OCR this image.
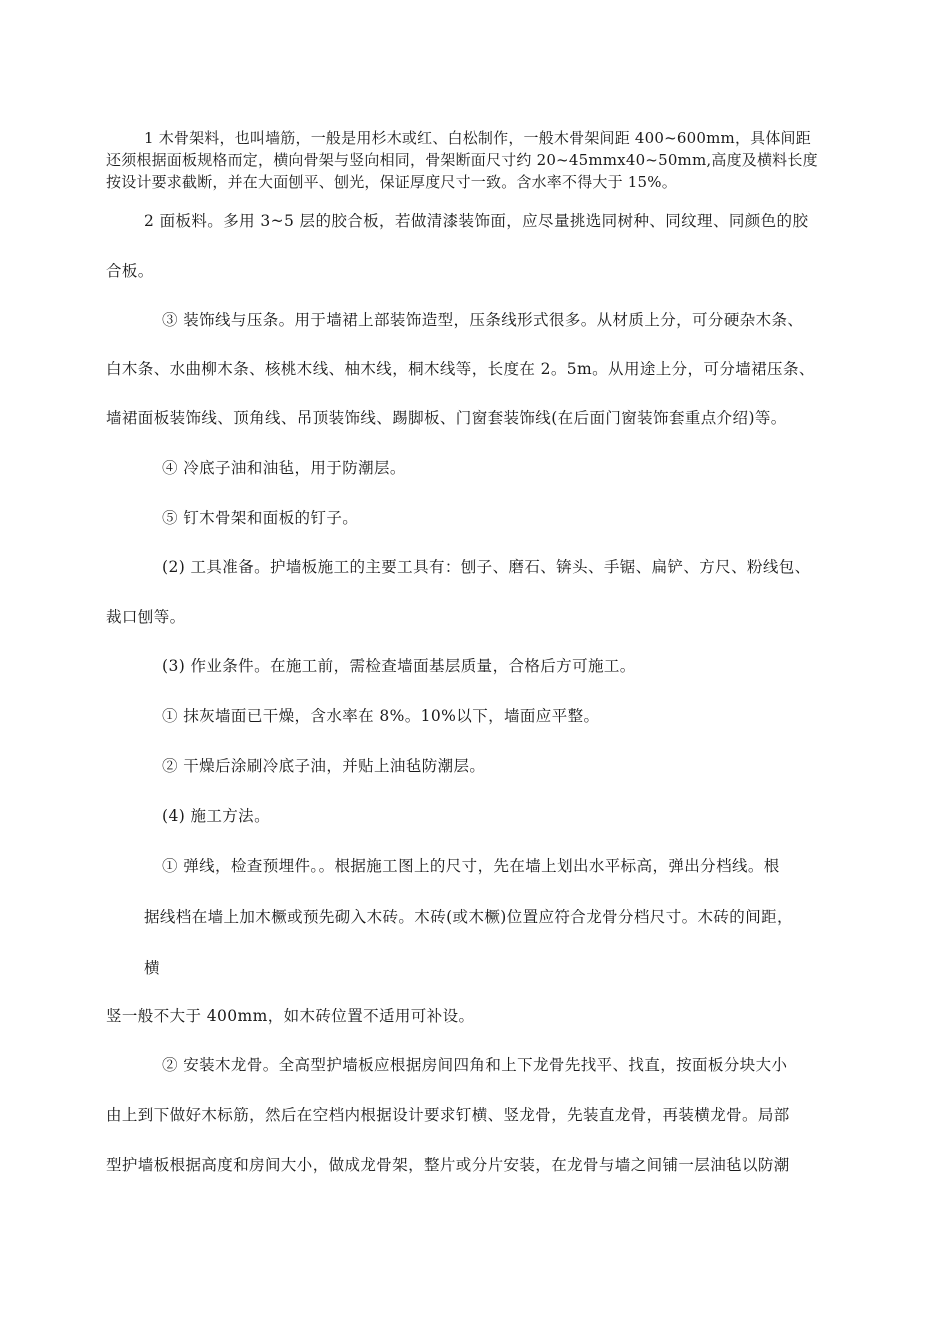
1 木骨架料，也叫墙筋，一般是用杉木或红、白松制作，一般木骨架间距 400~600mm，具体间距

还须根据面板规格而定，横向骨架与竖向相同，骨架断面尺寸约 20~45mmx40~50mm,高度及横料长度

按设计要求截断，并在大面刨平、刨光，保证厚度尺寸一致。含水率不得大于 15%。

2 面板料。多用 3~5 层的胶合板，若做清漆装饰面，应尽量挑选同树种、同纹理、同颜色的胶

合板。

③ 装饰线与压条。用于墙裙上部装饰造型，压条线形式很多。从材质上分，可分硬杂木条、

白木条、水曲柳木条、核桃木线、柚木线，桐木线等，长度在 2。5m。从用途上分，可分墙裙压条、

墙裙面板装饰线、顶角线、吊顶装饰线、踢脚板、门窗套装饰线(在后面门窗装饰套重点介绍)等。

④ 冷底子油和油毡，用于防潮层。

⑤ 钉木骨架和面板的钉子。

(2) 工具准备。护墙板施工的主要工具有：刨子、磨石、锛头、手锯、扁铲、方尺、粉线包、

裁口刨等。

(3) 作业条件。在施工前，需检查墙面基层质量，合格后方可施工。

① 抹灰墙面已干燥，含水率在 8%。10%以下，墙面应平整。

② 干燥后涂刷冷底子油，并贴上油毡防潮层。

(4) 施工方法。

① 弹线，检查预埋件。。根据施工图上的尺寸，先在墙上划出水平标高，弹出分档线。根

据线档在墙上加木橛或预先砌入木砖。木砖(或木橛)位置应符合龙骨分档尺寸。木砖的间距，

横

竖一般不大于 400mm，如木砖位置不适用可补设。

② 安装木龙骨。全高型护墙板应根据房间四角和上下龙骨先找平、找直，按面板分块大小

由上到下做好木标筋，然后在空档内根据设计要求钉横、竖龙骨，先装直龙骨，再装横龙骨。局部

型护墙板根据高度和房间大小，做成龙骨架，整片或分片安装，在龙骨与墙之间铺一层油毡以防潮
